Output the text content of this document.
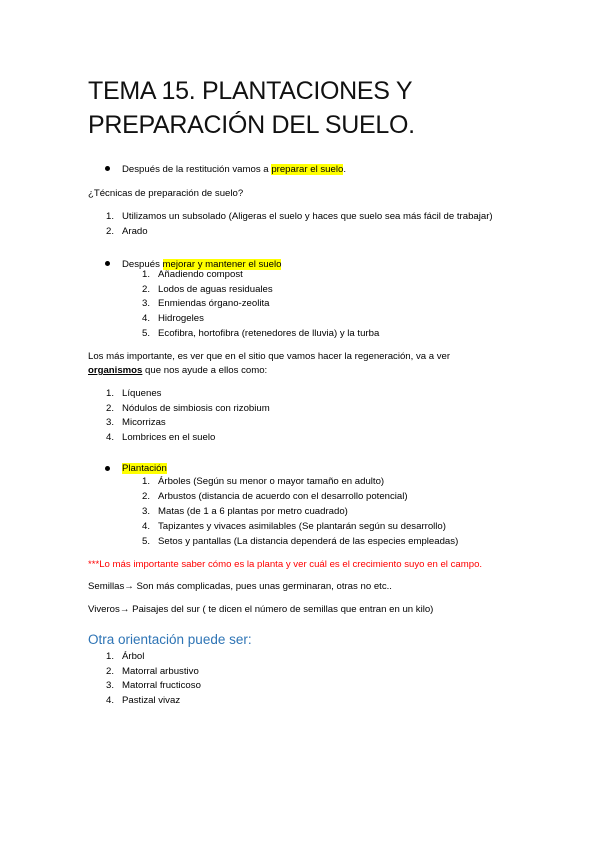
TEMA 15. PLANTACIONES Y
PREPARACIÓN DEL SUELO.
Después de la restitución vamos a preparar el suelo.
¿Técnicas de preparación de suelo?
1. Utilizamos un subsolado (Aligeras el suelo y haces que suelo sea más fácil de trabajar)
2. Arado
Después mejorar y mantener el suelo
1. Añadiendo compost
2. Lodos de aguas residuales
3. Enmiendas órgano-zeolita
4. Hidrogeles
5. Ecofibra, hortofibra (retenedores de lluvia) y la turba
Los más importante, es ver que en el sitio que vamos hacer la regeneración, va a ver
organismos que nos ayude a ellos como:
1. Líquenes
2. Nódulos de simbiosis con rizobium
3. Micorrizas
4. Lombrices en el suelo
Plantación
1. Árboles (Según su menor o mayor tamaño en adulto)
2. Arbustos (distancia de acuerdo con el desarrollo potencial)
3. Matas (de 1 a 6 plantas por metro cuadrado)
4. Tapizantes y vivaces asimilables (Se plantarán según su desarrollo)
5. Setos y pantallas (La distancia dependerá de las especies empleadas)
***Lo más importante saber cómo es la planta y ver cuál es el crecimiento suyo en el campo.
Semillas→ Son más complicadas, pues unas germinaran, otras no etc..
Viveros→ Paisajes del sur ( te dicen el número de semillas que entran en un kilo)
Otra orientación puede ser:
1. Árbol
2. Matorral arbustivo
3. Matorral fructicoso
4. Pastizal vivaz
